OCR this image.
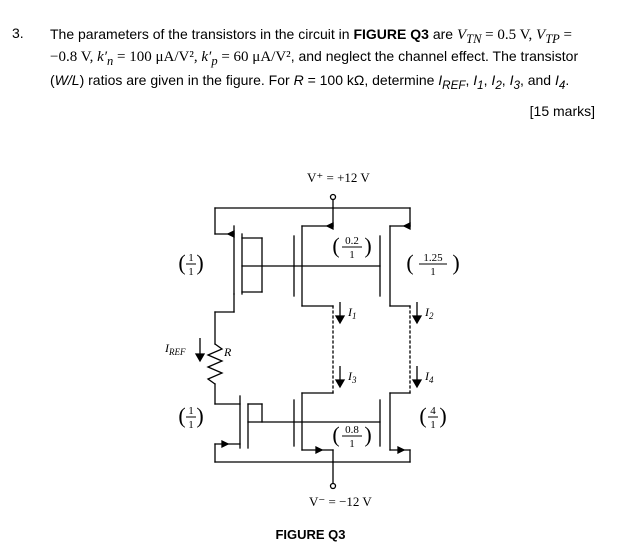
3. The parameters of the transistors in the circuit in FIGURE Q3 are $V_{TN} = 0.5$ V, $V_{TP}$ =
−0.8 V, $k'_n = 100$ μA/V², $k'_p = 60$ μA/V², and neglect the channel effect. The transistor
(W/L) ratios are given in the figure. For R = 100 kΩ, determine $I_{REF}$, $I_1$, $I_2$, $I_3$, and $I_4$.
[15 marks]
V⁺ = +12 V
V⁻ = −12 V
$I_{REF}$	R
$I_1$	$I_2$
$I_3$	$I_4$
( )
1
1
( )
0.2
1 ( )
1.25
1
( )
1
1	( )
0.8
1
( )
4
1
FIGURE Q3
